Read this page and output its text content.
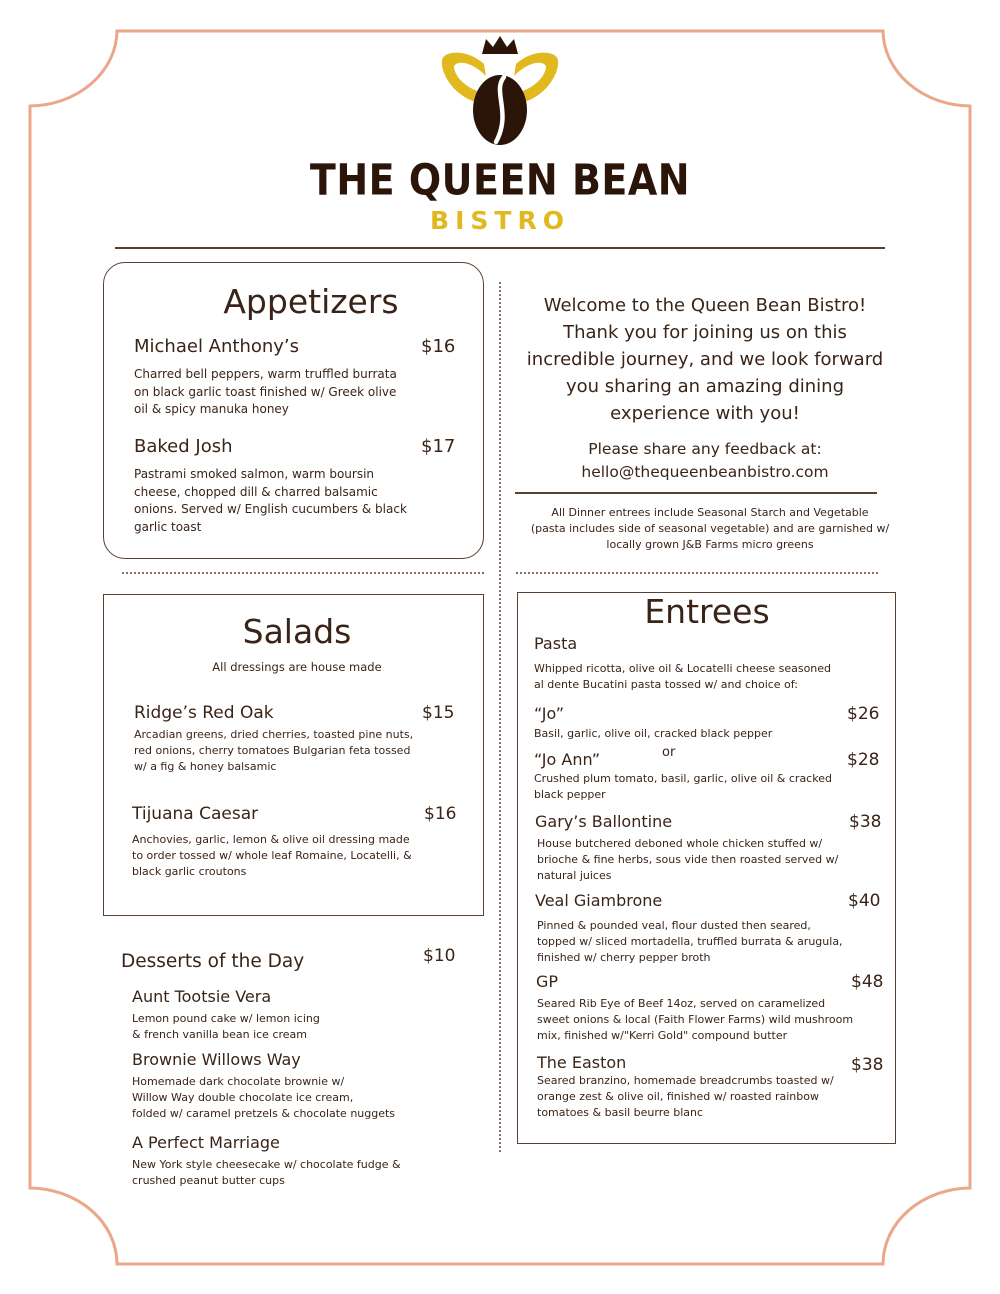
THE QUEEN BEAN
BISTRO
Appetizers
Michael Anthony’s	$16
Charred bell peppers, warm truffled burrata
on black garlic toast finished w/ Greek olive
oil & spicy manuka honey
Baked Josh	$17
Pastrami smoked salmon, warm boursin
cheese, chopped dill & charred balsamic
onions. Served w/ English cucumbers & black
garlic toast
Welcome to the Queen Bean Bistro!
Thank you for joining us on this
incredible journey, and we look forward
you sharing an amazing dining
experience with you!
Please share any feedback at:
hello@thequeenbeanbistro.com
All Dinner entrees include Seasonal Starch and Vegetable
(pasta includes side of seasonal vegetable) and are garnished w/
locally grown J&B Farms micro greens
Salads
All dressings are house made
Ridge’s Red Oak	$15
Arcadian greens, dried cherries, toasted pine nuts,
red onions, cherry tomatoes Bulgarian feta tossed
w/ a fig & honey balsamic
Tijuana Caesar	$16
Anchovies, garlic, lemon & olive oil dressing made
to order tossed w/ whole leaf Romaine, Locatelli, &
black garlic croutons
Desserts of the Day	$10
Aunt Tootsie Vera
Lemon pound cake w/ lemon icing
& french vanilla bean ice cream
Brownie Willows Way
Homemade dark chocolate brownie w/
Willow Way double chocolate ice cream,
folded w/ caramel pretzels & chocolate nuggets
A Perfect Marriage
New York style cheesecake w/ chocolate fudge &
crushed peanut butter cups
Entrees
Pasta
Whipped ricotta, olive oil & Locatelli cheese seasoned
al dente Bucatini pasta tossed w/ and choice of:
“Jo”	$26
Basil, garlic, olive oil, cracked black pepper
or
“Jo Ann”	$28
Crushed plum tomato, basil, garlic, olive oil & cracked
black pepper
Gary’s Ballontine	$38
House butchered deboned whole chicken stuffed w/
brioche & fine herbs, sous vide then roasted served w/
natural juices
Veal Giambrone	$40
Pinned & pounded veal, flour dusted then seared,
topped w/ sliced mortadella, truffled burrata & arugula,
finished w/ cherry pepper broth
GP	$48
Seared Rib Eye of Beef 14oz, served on caramelized
sweet onions & local (Faith Flower Farms) wild mushroom
mix, finished w/"Kerri Gold" compound butter
The Easton	$38
Seared branzino, homemade breadcrumbs toasted w/
orange zest & olive oil, finished w/ roasted rainbow
tomatoes & basil beurre blanc
